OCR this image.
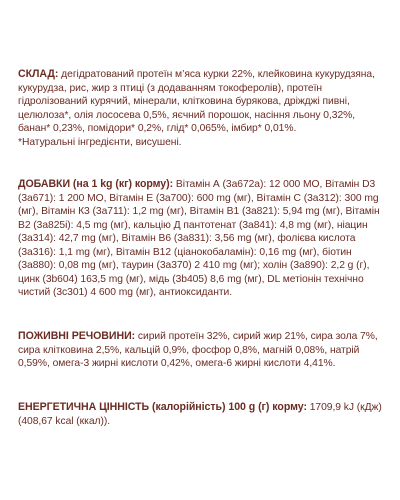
СКЛАД: дегідратований протеїн м’яса курки 22%, клейковина кукурудзяна, кукурудза, рис, жир з птиці (з додаванням токоферолів), протеїн гідролізований курячий, мінерали, клітковина бурякова, дріжджі пивні, целюлоза*, олія лососева 0,5%, яєчний порошок, насіння льону 0,32%, банан* 0,23%, помідори* 0,2%, глід* 0,065%, імбир* 0,01%.
*Натуральні інгредієнти, висушені.

ДОБАВКИ (на 1 kg (кг) корму): Вітамін А (3a672a): 12 000 МО, Вітамін D3 (3a671): 1 200 МО, Вітамін Е (3a700): 600 mg (мг), Вітамін С (3a312): 300 mg (мг), Вітамін К3 (3a711): 1,2 mg (мг), Вітамін В1 (3a821): 5,94 mg (мг), Вітамін В2 (3a825i): 4,5 mg (мг), кальцію Д пантотенат (3a841): 4,8 mg (мг), ніацин (3a314): 42,7 mg (мг), Вітамін В6 (3a831): 3,56 mg (мг), фолієва кислота (3a316): 1,1 mg (мг), Вітамін В12 (ціанокобаламін): 0,16 mg (мг), біотин (3a880): 0,08 mg (мг), таурин (3a370) 2 410 mg (мг); холін (3a890): 2,2 g (г), цинк (3b604) 163,5 mg (мг), мідь (3b405) 8,6 mg (мг), DL метіонін технічно чистий (3c301) 4 600 mg (мг), антиоксиданти.

ПОЖИВНІ РЕЧОВИНИ: сирий протеїн 32%, сирий жир 21%, сира зола 7%, сира клітковина 2,5%, кальцій 0,9%, фосфор 0,8%, магній 0,08%, натрій 0,59%, омега-3 жирні кислоти 0,42%, омега-6 жирні кислоти 4,41%.

ЕНЕРГЕТИЧНА ЦІННІСТЬ (калорійність) 100 g (г) корму: 1709,9 kJ (кДж) (408,67 kcal (ккал)).
